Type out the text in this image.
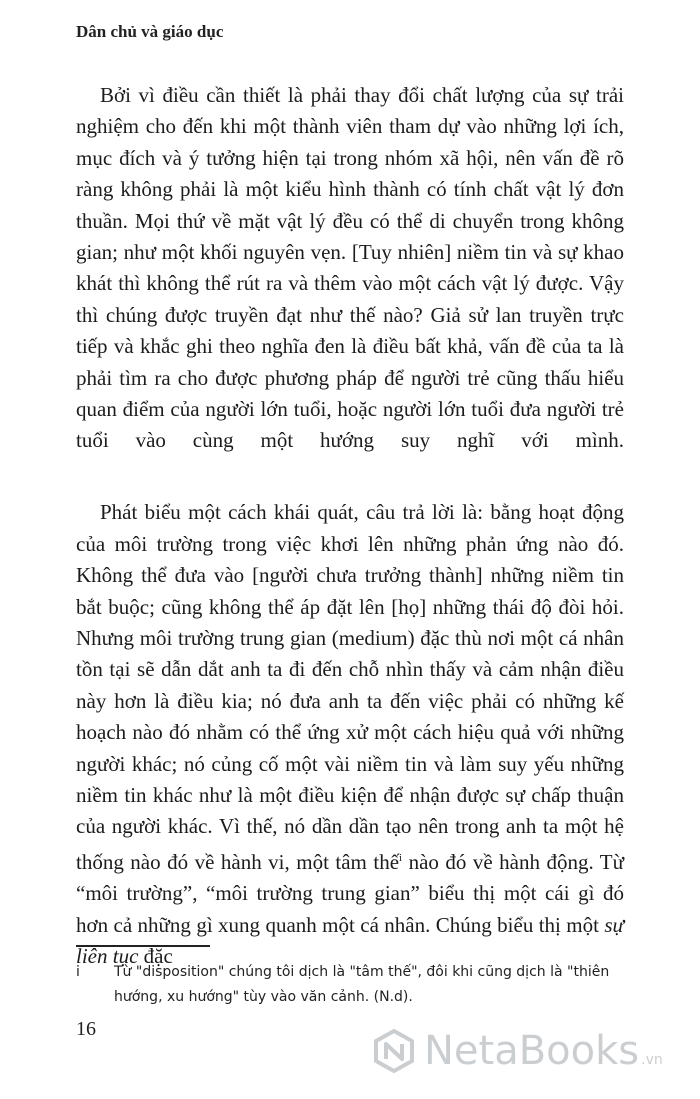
Dân chủ và giáo dục

Bởi vì điều cần thiết là phải thay đổi chất lượng của sự trải nghiệm cho đến khi một thành viên tham dự vào những lợi ích, mục đích và ý tưởng hiện tại trong nhóm xã hội, nên vấn đề rõ ràng không phải là một kiểu hình thành có tính chất vật lý đơn thuần. Mọi thứ về mặt vật lý đều có thể di chuyển trong không gian; như một khối nguyên vẹn. [Tuy nhiên] niềm tin và sự khao khát thì không thể rút ra và thêm vào một cách vật lý được. Vậy thì chúng được truyền đạt như thế nào? Giả sử lan truyền trực tiếp và khắc ghi theo nghĩa đen là điều bất khả, vấn đề của ta là phải tìm ra cho được phương pháp để người trẻ cũng thấu hiểu quan điểm của người lớn tuổi, hoặc người lớn tuổi đưa người trẻ tuổi vào cùng một hướng suy nghĩ với mình.

Phát biểu một cách khái quát, câu trả lời là: bằng hoạt động của môi trường trong việc khơi lên những phản ứng nào đó. Không thể đưa vào [người chưa trưởng thành] những niềm tin bắt buộc; cũng không thể áp đặt lên [họ] những thái độ đòi hỏi. Nhưng môi trường trung gian (medium) đặc thù nơi một cá nhân tồn tại sẽ dẫn dắt anh ta đi đến chỗ nhìn thấy và cảm nhận điều này hơn là điều kia; nó đưa anh ta đến việc phải có những kế hoạch nào đó nhằm có thể ứng xử một cách hiệu quả với những người khác; nó củng cố một vài niềm tin và làm suy yếu những niềm tin khác như là một điều kiện để nhận được sự chấp thuận của người khác. Vì thế, nó dần dần tạo nên trong anh ta một hệ thống nào đó về hành vi, một tâm thế$^i$ nào đó về hành động. Từ “môi trường”, “môi trường trung gian” biểu thị một cái gì đó hơn cả những gì xung quanh một cá nhân. Chúng biểu thị một sự liên tục đặc

i Từ "disposition" chúng tôi dịch là "tâm thế", đôi khi cũng dịch là "thiên hướng, xu hướng" tùy vào văn cảnh. (N.d).
16	NetaBooks .vn
